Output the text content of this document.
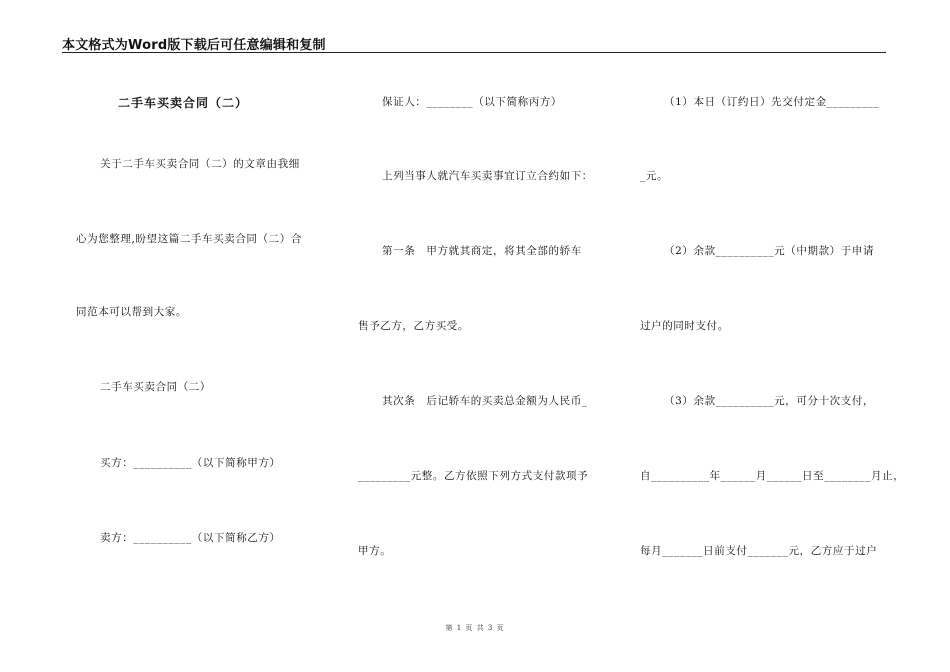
本文格式为Word版下载后可任意编辑和复制
二手车买卖合同（二）
关于二手车买卖合同（二）的文章由我细
心为您整理,盼望这篇二手车买卖合同（二）合
同范本可以帮到大家。
二手车买卖合同（二）
买方：__________（以下简称甲方）
卖方：__________（以下简称乙方）
保证人：________（以下简称丙方）
上列当事人就汽车买卖事宜订立合约如下：
第一条　甲方就其商定，将其全部的轿车
售予乙方，乙方买受。
其次条　后记轿车的买卖总金额为人民币_
_________元整。乙方依照下列方式支付款项予
甲方。
（1）本日（订约日）先交付定金_________
_元。
（2）余款__________元（中期款）于申请
过户的同时支付。
（3）余款__________元，可分十次支付，
自__________年______月______日至________月止，
每月_______日前支付_______元，乙方应于过户
第 1 页 共 3 页
